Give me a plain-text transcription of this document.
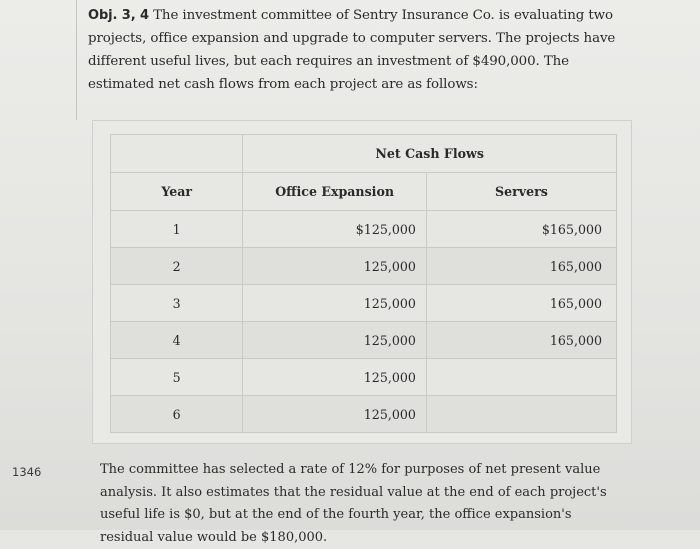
Obj. 3, 4 The investment committee of Sentry Insurance Co. is evaluating two projects, office expansion and upgrade to computer servers. The projects have different useful lives, but each requires an investment of $490,000. The estimated net cash flows from each project are as follows:
	Net Cash Flows	
Year	Office Expansion	Servers
1	$125,000	$165,000
2	125,000	165,000
3	125,000	165,000
4	125,000	165,000
5	125,000	
6	125,000	
1346	The committee has selected a rate of 12% for purposes of net present value analysis. It also estimates that the residual value at the end of each project's useful life is $0, but at the end of the fourth year, the office expansion's residual value would be $180,000.
